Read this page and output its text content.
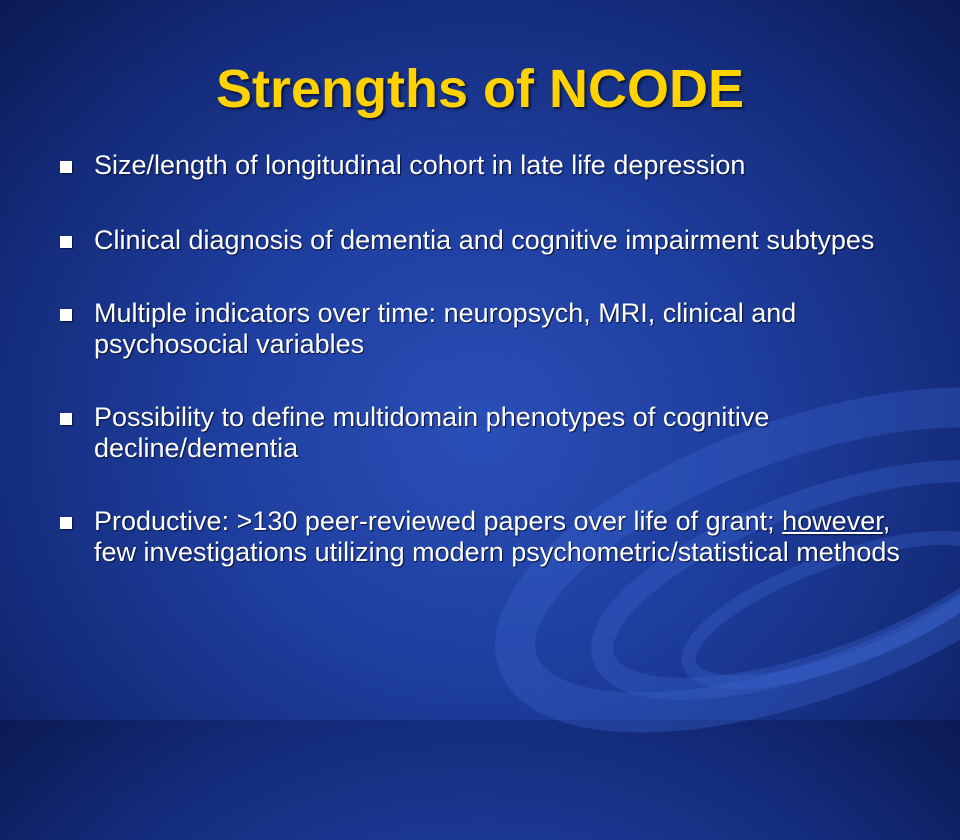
Strengths of NCODE
Size/length of longitudinal cohort in late life depression
Clinical diagnosis of dementia and cognitive impairment subtypes
Multiple indicators over time: neuropsych, MRI, clinical and psychosocial variables
Possibility to define multidomain phenotypes of cognitive decline/dementia
Productive: >130 peer-reviewed papers over life of grant; however, few investigations utilizing modern psychometric/statistical methods
